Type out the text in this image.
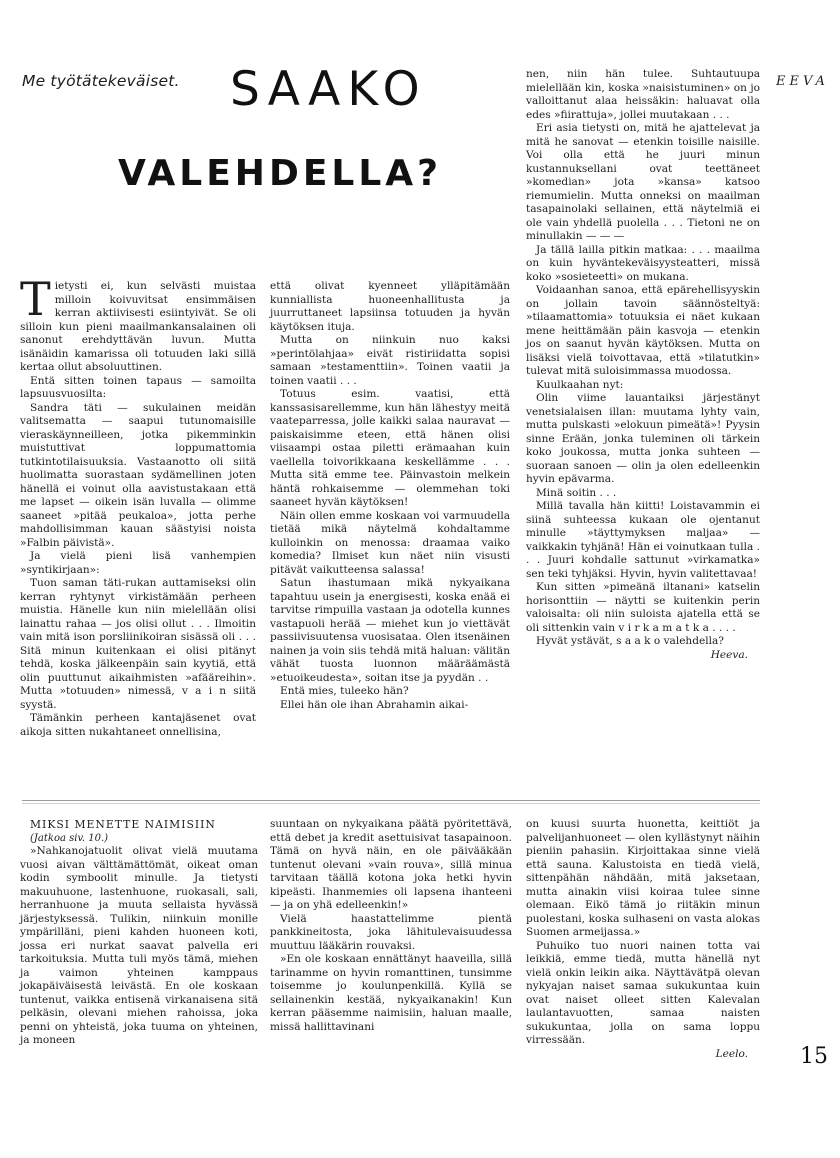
Me työtätekeväiset. SAAKO
VALEHDELLA?
EEVA

Tietysti ei, kun selvästi muistaa milloin koivuvitsat ensimmäisen kerran aktiivisesti esiintyivät. Se oli silloin kun pieni maailmankansalainen oli sanonut erehdyttävän luvun. Mutta isänäidin kamarissa oli totuuden laki sillä kertaa ollut absoluuttinen.

Entä sitten toinen tapaus — samoilta lapsuusvuosilta:

Sandra täti — sukulainen meidän valitsematta — saapui tutunomaisille vieraskäynneilleen, jotka pikemminkin muistuttivat loppumattomia tutkintotilaisuuksia. Vastaanotto oli siitä huolimatta suorastaan sydämellinen joten hänellä ei voinut olla aavistustakaan että me lapset — oikein isän luvalla — olimme saaneet »pitää peukaloa», jotta perhe mahdollisimman kauan säästyisi noista »Falbin päivistä».

Ja vielä pieni lisä vanhempien »syntikirjaan»:

Tuon saman täti-rukan auttamiseksi olin kerran ryhtynyt virkistämään perheen muistia. Hänelle kun niin mielellään olisi lainattu rahaa — jos olisi ollut . . . Ilmoitin vain mitä ison porsliinikoiran sisässä oli . . . Sitä minun kuitenkaan ei olisi pitänyt tehdä, koska jälkeenpäin sain kyytiä, että olin puuttunut aikaihmisten »afääreihin». Mutta »totuuden» nimessä, v a i n siitä syystä.

Tämänkin perheen kantajäsenet ovat aikoja sitten nukahtaneet onnellisina,

että olivat kyenneet ylläpitämään kunniallista huoneenhallitusta ja juurruttaneet lapsiinsa totuuden ja hyvän käytöksen ituja.

Mutta on niinkuin nuo kaksi »perintölahjaa» eivät ristiriidatta sopisi samaan »testamenttiin». Toinen vaatii ja toinen vaatii . . .

Totuus esim. vaatisi, että kanssasisarellemme, kun hän lähestyy meitä vaateparressa, jolle kaikki salaa nauravat — paiskaisimme eteen, että hänen olisi viisaampi ostaa piletti erämaahan kuin vaellella toivorikkaana keskellämme . . . Mutta sitä emme tee. Päinvastoin melkein häntä rohkaisemme — olemmehan toki saaneet hyvän käytöksen!

Näin ollen emme koskaan voi varmuudella tietää mikä näytelmä kohdaltamme kulloinkin on menossa: draamaa vaiko komedia? Ilmiset kun näet niin visusti pitävät vaikutteensa salassa!

Satun ihastumaan mikä nykyaikana tapahtuu usein ja energisesti, koska enää ei tarvitse rimpuilla vastaan ja odotella kunnes vastapuoli herää — miehet kun jo viettävät passiivisuutensa vuosisataa. Olen itsenäinen nainen ja voin siis tehdä mitä haluan: välitän vähät tuosta luonnon määräämästä »etuoikeudesta», soitan itse ja pyydän . .

Entä mies, tuleeko hän?

Ellei hän ole ihan Abrahamin aikai-

nen, niin hän tulee. Suhtautuupa mielellään kin, koska »naisistuminen» on jo valloittanut alaa heissäkin: haluavat olla edes »fiirattuja», jollei muutakaan . . .

Eri asia tietysti on, mitä he ajattelevat ja mitä he sanovat — etenkin toisille naisille. Voi olla että he juuri minun kustannuksellani ovat teettäneet »komedian» jota »kansa» katsoo riemumielin. Mutta onneksi on maailman tasapainolaki sellainen, että näytelmiä ei ole vain yhdellä puolella . . . Tietoni ne on minullakin — — —

Ja tällä lailla pitkin matkaa: . . . maailma on kuin hyväntekeväisyysteatteri, missä koko »sosieteetti» on mukana.

Voidaanhan sanoa, että epärehellisyyskin on jollain tavoin säännösteltyä: »tilaamattomia» totuuksia ei näet kukaan mene heittämään päin kasvoja — etenkin jos on saanut hyvän käytöksen. Mutta on lisäksi vielä toivottavaa, että »tilatutkin» tulevat mitä suloisimmassa muodossa.

Kuulkaahan nyt:

Olin viime lauantaiksi järjestänyt venetsialaisen illan: muutama lyhty vain, mutta pulskasti »elokuun pimeätä»! Pyysin sinne Erään, jonka tuleminen oli tärkein koko joukossa, mutta jonka suhteen — suoraan sanoen — olin ja olen edelleenkin hyvin epävarma.

Minä soitin . . .

Millä tavalla hän kiitti! Loistavammin ei siinä suhteessa kukaan ole ojentanut minulle »täyttymyksen maljaa» — vaikkakin tyhjänä! Hän ei voinutkaan tulla . . . Juuri kohdalle sattunut »virkamatka» sen teki tyhjäksi. Hyvin, hyvin valitettavaa!

Kun sitten »pimeänä iltanani» katselin horisonttiin — näytti se kuitenkin perin valoisalta: oli niin suloista ajatella että se oli sittenkin vain v i r k a m a t k a . . . .

Hyvät ystävät, s a a k o valehdella?

Heeva.

MIKSI MENETTE NAIMISIIN

(Jatkoa siv. 10.)

»Nahkanojatuolit olivat vielä muutama vuosi aivan välttämättömät, oikeat oman kodin symboolit minulle. Ja tietysti makuuhuone, lastenhuone, ruokasali, sali, herranhuone ja muuta sellaista hyvässä järjestyksessä. Tulikin, niinkuin monille ympärilläni, pieni kahden huoneen koti, jossa eri nurkat saavat palvella eri tarkoituksia. Mutta tuli myös tämä, miehen ja vaimon yhteinen kamppaus jokapäiväisestä leivästä. En ole koskaan tuntenut, vaikka entisenä virkanaisena sitä pelkäsin, olevani miehen rahoissa, joka penni on yhteistä, joka tuuma on yhteinen, ja moneen

suuntaan on nykyaikana päätä pyöritettävä, että debet ja kredit asettuisivat tasapainoon. Tämä on hyvä näin, en ole päivääkään tuntenut olevani »vain rouva», sillä minua tarvitaan täällä kotona joka hetki hyvin kipeästi. Ihanmemies oli lapsena ihanteeni — ja on yhä edelleenkin!»

Vielä haastattelimme pientä pankkineitosta, joka lähitulevaisuudessa muuttuu lääkärin rouvaksi.

»En ole koskaan ennättänyt haaveilla, sillä tarinamme on hyvin romanttinen, tunsimme toisemme jo koulunpenkillä. Kyllä se sellainenkin kestää, nykyaikanakin! Kun kerran pääsemme naimisiin, haluan maalle, missä hallittavinani

on kuusi suurta huonetta, keittiöt ja palvelijanhuoneet — olen kyllästynyt näihin pieniin pahasiin. Kirjoittakaa sinne vielä että sauna. Kalustoista en tiedä vielä, sittenpähän nähdään, mitä jaksetaan, mutta ainakin viisi koiraa tulee sinne olemaan. Eikö tämä jo riitäkin minun puolestani, koska sulhaseni on vasta alokas Suomen armeijassa.»

Puhuiko tuo nuori nainen totta vai leikkiä, emme tiedä, mutta hänellä nyt vielä onkin leikin aika. Näyttävätpä olevan nykyajan naiset samaa sukukuntaa kuin ovat naiset olleet sitten Kalevalan laulantavuotten, samaa naisten sukukuntaa, jolla on sama loppu virressään.

Leelo.	15
